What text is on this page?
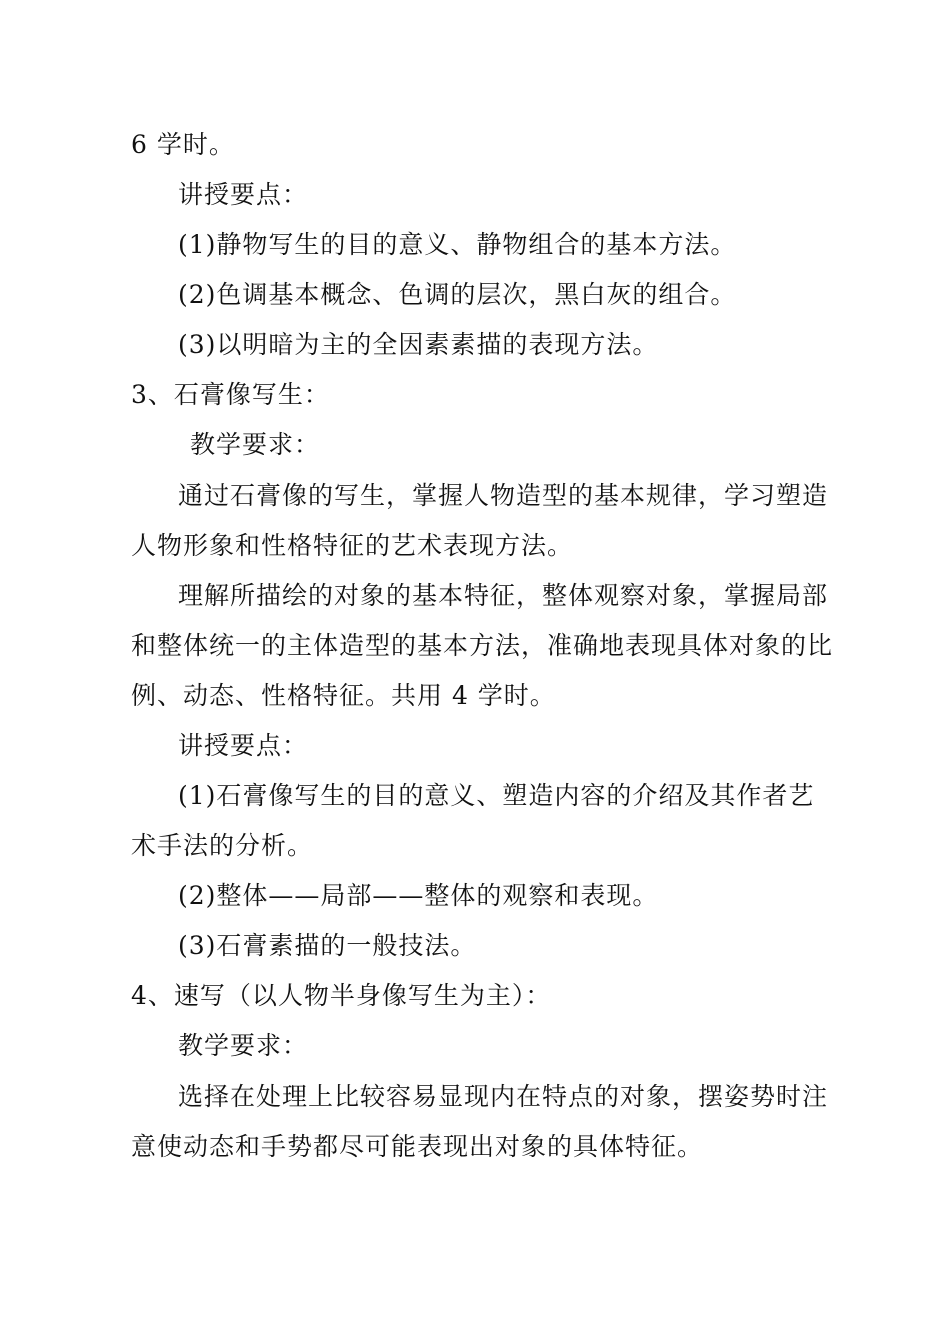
6 学时。
讲授要点：
(1)静物写生的目的意义、静物组合的基本方法。
(2)色调基本概念、色调的层次，黑白灰的组合。
(3)以明暗为主的全因素素描的表现方法。
3、石膏像写生：
教学要求：
通过石膏像的写生，掌握人物造型的基本规律，学习塑造
人物形象和性格特征的艺术表现方法。
理解所描绘的对象的基本特征，整体观察对象，掌握局部
和整体统一的主体造型的基本方法，准确地表现具体对象的比
例、动态、性格特征。共用 4 学时。
讲授要点：
(1)石膏像写生的目的意义、塑造内容的介绍及其作者艺
术手法的分析。
(2)整体——局部——整体的观察和表现。
(3)石膏素描的一般技法。
4、速写（以人物半身像写生为主）：
教学要求：
选择在处理上比较容易显现内在特点的对象，摆姿势时注
意使动态和手势都尽可能表现出对象的具体特征。
